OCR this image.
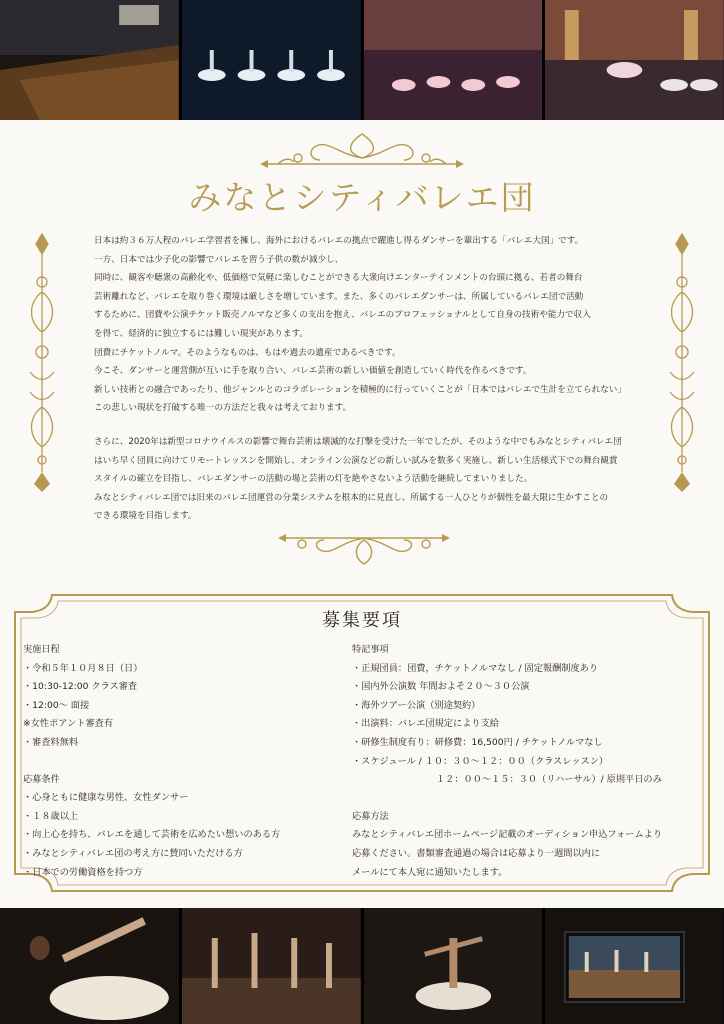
みなとシティバレエ団

日本は約３６万人程のバレエ学習者を擁し、海外におけるバレエの拠点で躍進し得るダンサーを輩出する「バレエ大国」です。

一方、日本では少子化の影響でバレエを習う子供の数が減少し、

同時に、観客や聴衆の高齢化や、低価格で気軽に楽しむことができる大衆向けエンターテインメントの台頭に拠る、若者の舞台

芸術離れなど、バレエを取り巻く環境は厳しさを増しています。また、多くのバレエダンサーは、所属しているバレエ団で活動

するために、団費や公演チケット販売ノルマなど多くの支出を抱え、バレエのプロフェッショナルとして自身の技術や能力で収入

を得て、経済的に独立するには難しい現実があります。

団費にチケットノルマ。そのようなものは、もはや過去の遺産であるべきです。

今こそ、ダンサーと運営側が互いに手を取り合い、バレエ芸術の新しい価値を創造していく時代を作るべきです。

新しい技術との融合であったり、他ジャンルとのコラボレーションを積極的に行っていくことが「日本ではバレエで生計を立てられない」

この悲しい現状を打破する唯一の方法だと我々は考えております。

さらに、2020年は新型コロナウイルスの影響で舞台芸術は壊滅的な打撃を受けた一年でしたが、そのような中でもみなとシティバレエ団

はいち早く団員に向けてリモートレッスンを開始し、オンライン公演などの新しい試みを数多く実施し、新しい生活様式下での舞台観賞

スタイルの確立を目指し、バレエダンサーの活動の場と芸術の灯を絶やさないよう活動を継続してまいりました。

みなとシティバレエ団では旧来のバレエ団運営の分業システムを根本的に見直し、所属する一人ひとりが個性を最大限に生かすことの

できる環境を目指します。

募集要項

実施日程

・令和５年１０月８日（日）

・10:30-12:00 クラス審査

・12:00～ 面接

※女性ポアント審査有

・審査料無料

応募条件

・心身ともに健康な男性、女性ダンサー

・１８歳以上

・向上心を持ち、バレエを通して芸術を広めたい想いのある方

・みなとシティバレエ団の考え方に賛同いただける方

・日本での労働資格を持つ方

特記事項

・正規団員：団費，チケットノルマなし / 固定報酬制度あり

・国内外公演数 年間およそ２０～３０公演

・海外ツアー公演（別途契約）

・出演料：バレエ団規定により支給

・研修生制度有り：研修費：16,500円 / チケットノルマなし

・スケジュール / １０：３０～１２：００（クラスレッスン）

１２：００～１５：３０（リハーサル）/ 原則平日のみ

応募方法

みなとシティバレエ団ホームページ記載のオーディション申込フォームより

応募ください。書類審査通過の場合は応募より一週間以内に

メールにて本人宛に通知いたします。
